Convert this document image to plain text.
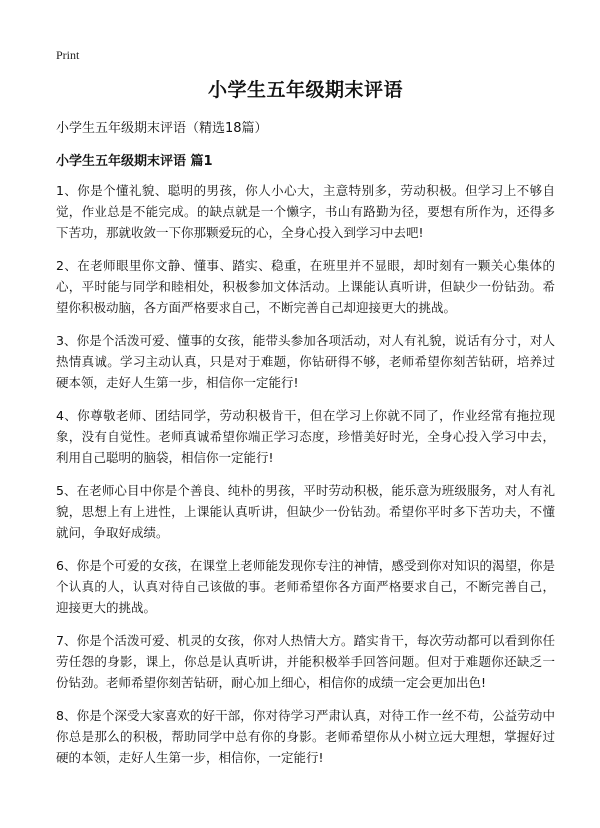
Print
小学生五年级期末评语
小学生五年级期末评语（精选18篇）
小学生五年级期末评语 篇1

1、你是个懂礼貌、聪明的男孩，你人小心大，主意特别多，劳动积极。但学习上不够自觉，作业总是不能完成。的缺点就是一个懒字，书山有路勤为径，要想有所作为，还得多下苦功，那就收敛一下你那颗爱玩的心，全身心投入到学习中去吧!

2、在老师眼里你文静、懂事、踏实、稳重，在班里并不显眼，却时刻有一颗关心集体的心，平时能与同学和睦相处，积极参加文体活动。上课能认真听讲，但缺少一份钻劲。希望你积极动脑，各方面严格要求自己，不断完善自己却迎接更大的挑战。

3、你是个活泼可爱、懂事的女孩，能带头参加各项活动，对人有礼貌，说话有分寸，对人热情真诚。学习主动认真，只是对于难题，你钻研得不够，老师希望你刻苦钻研，培养过硬本领，走好人生第一步，相信你一定能行!

4、你尊敬老师、团结同学，劳动积极肯干，但在学习上你就不同了，作业经常有拖拉现象，没有自觉性。老师真诚希望你端正学习态度，珍惜美好时光，全身心投入学习中去，利用自己聪明的脑袋，相信你一定能行!

5、在老师心目中你是个善良、纯朴的男孩，平时劳动积极，能乐意为班级服务，对人有礼貌，思想上有上进性，上课能认真听讲，但缺少一份钻劲。希望你平时多下苦功夫，不懂就问，争取好成绩。

6、你是个可爱的女孩，在课堂上老师能发现你专注的神情，感受到你对知识的渴望，你是个认真的人，认真对待自己该做的事。老师希望你各方面严格要求自己，不断完善自己，迎接更大的挑战。

7、你是个活泼可爱、机灵的女孩，你对人热情大方。踏实肯干，每次劳动都可以看到你任劳任怨的身影，课上，你总是认真听讲，并能积极举手回答问题。但对于难题你还缺乏一份钻劲。老师希望你刻苦钻研，耐心加上细心，相信你的成绩一定会更加出色!

8、你是个深受大家喜欢的好干部，你对待学习严肃认真，对待工作一丝不苟，公益劳动中你总是那么的积极，帮助同学中总有你的身影。老师希望你从小树立远大理想，掌握好过硬的本领，走好人生第一步，相信你，一定能行!
